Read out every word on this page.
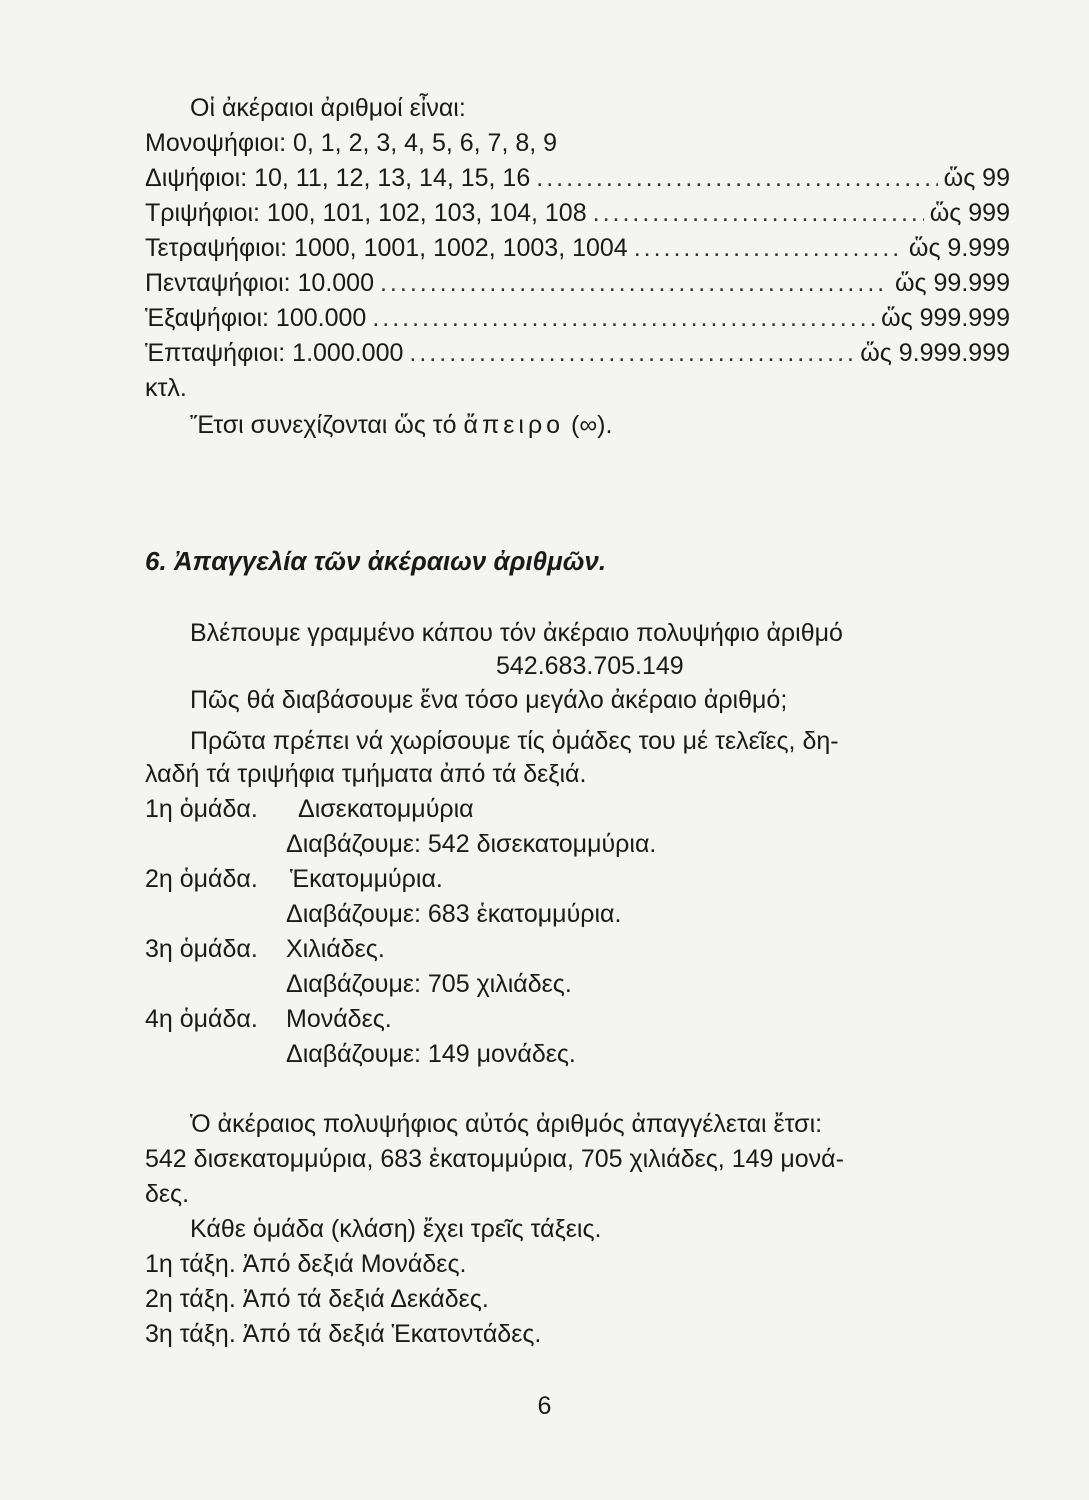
Οἱ ἀκέραιοι ἀριθμοί εἶναι:
Μονοψήφιοι: 0, 1, 2, 3, 4, 5, 6, 7, 8, 9
Διψήφιοι: 10, 11, 12, 13, 14, 15, 16 .....	ὥς 99
Τριψήφιοι: 100, 101, 102, 103, 104, 108 .....	ὥς 999
Τετραψήφιοι: 1000, 1001, 1002, 1003, 1004 .....	ὥς 9.999
Πενταψήφιοι: 10.000 .....	ὥς 99.999
Ἑξαψήφιοι: 100.000 .....	ὥς 999.999
Ἑπταψήφιοι: 1.000.000 .....	ὥς 9.999.999
κτλ.
Ἔτσι συνεχίζονται ὥς τό ἄπειρο (∞).
6. Ἀπαγγελία τῶν ἀκέραιων ἀριθμῶν.
Βλέπουμε γραμμένο κάπου τόν ἀκέραιο πολυψήφιο ἀριθμό
542.683.705.149
Πῶς θά διαβάσουμε ἕνα τόσο μεγάλο ἀκέραιο ἀριθμό;
Πρῶτα πρέπει νά χωρίσουμε τίς ὁμάδες του μέ τελεῖες, δη-
λαδή τά τριψήφια τμήματα ἀπό τά δεξιά.
1η ὁμάδα. Δισεκατομμύρια
Διαβάζουμε: 542 δισεκατομμύρια.
2η ὁμάδα. Ἑκατομμύρια.
Διαβάζουμε: 683 ἑκατομμύρια.
3η ὁμάδα. Χιλιάδες.
Διαβάζουμε: 705 χιλιάδες.
4η ὁμάδα. Μονάδες.
Διαβάζουμε: 149 μονάδες.
Ὁ ἀκέραιος πολυψήφιος αὐτός ἀριθμός ἀπαγγέλεται ἔτσι:
542 δισεκατομμύρια, 683 ἑκατομμύρια, 705 χιλιάδες, 149 μονά-
δες.
Κάθε ὁμάδα (κλάση) ἔχει τρεῖς τάξεις.
1η τάξη. Ἀπό δεξιά Μονάδες.
2η τάξη. Ἀπό τά δεξιά Δεκάδες.
3η τάξη. Ἀπό τά δεξιά Ἑκατοντάδες.
6
